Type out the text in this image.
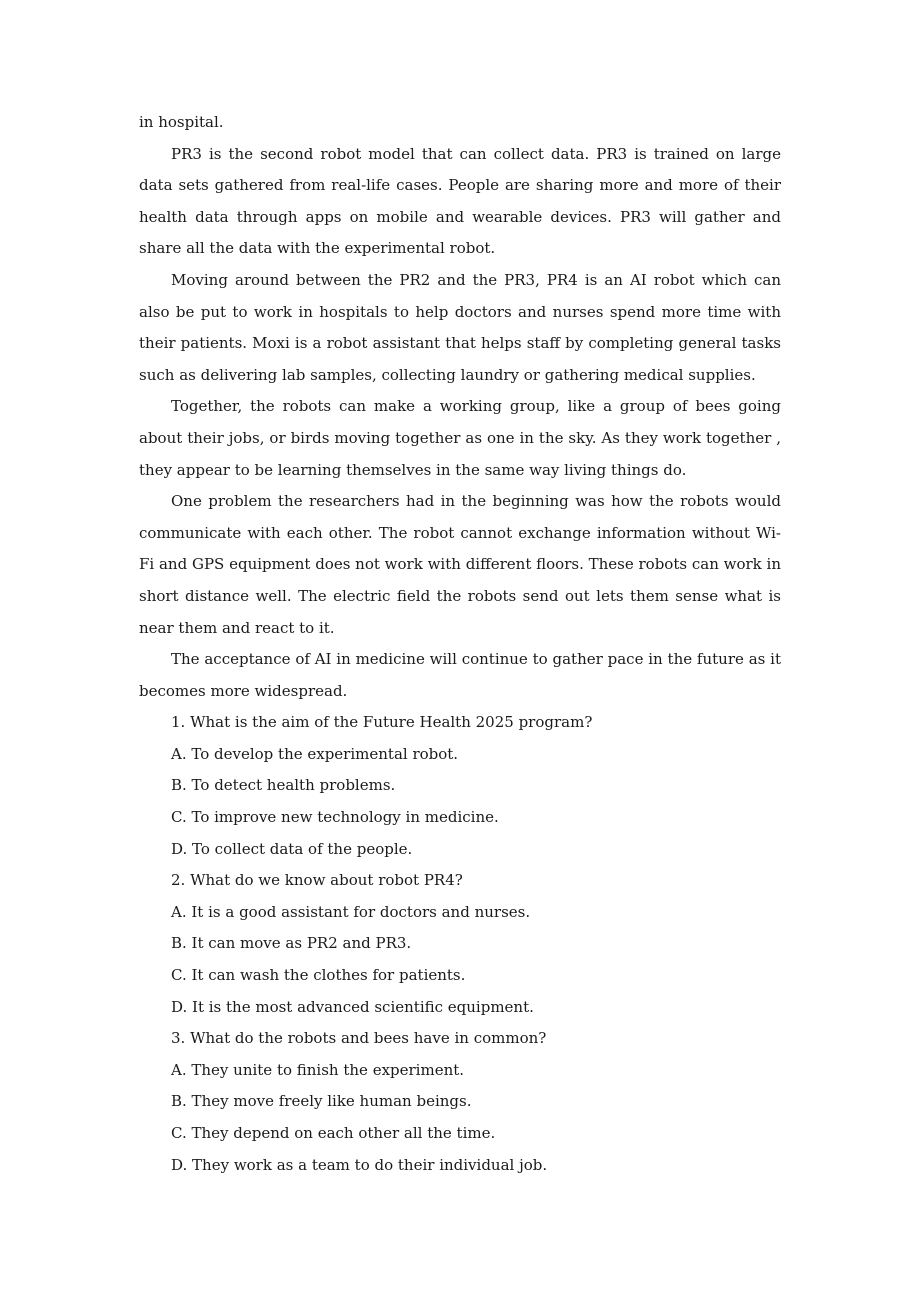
in hospital.

PR3 is the second robot model that can collect data. PR3 is trained on large data sets gathered from real-life cases. People are sharing more and more of their health data through apps on mobile and wearable devices. PR3 will gather and share all the data with the experimental robot.

Moving around between the PR2 and the PR3, PR4 is an AI robot which can also be put to work in hospitals to help doctors and nurses spend more time with their patients. Moxi is a robot assistant that helps staff by completing general tasks such as delivering lab samples, collecting laundry or gathering medical supplies.

Together, the robots can make a working group, like a group of bees going about their jobs, or birds moving together as one in the sky. As they work together , they appear to be learning themselves in the same way living things do.

One problem the researchers had in the beginning was how the robots would communicate with each other. The robot cannot exchange information without Wi-Fi and GPS equipment does not work with different floors. These robots can work in short distance well. The electric field the robots send out lets them sense what is near them and react to it.

The acceptance of AI in medicine will continue to gather pace in the future as it becomes more widespread.

1. What is the aim of the Future Health 2025 program?

A. To develop the experimental robot.

B. To detect health problems.

C. To improve new technology in medicine.

D. To collect data of the people.

2. What do we know about robot PR4?

A. It is a good assistant for doctors and nurses.

B. It can move as PR2 and PR3.

C. It can wash the clothes for patients.

D. It is the most advanced scientific equipment.

3. What do the robots and bees have in common?

A. They unite to finish the experiment.

B. They move freely like human beings.

C. They depend on each other all the time.

D. They work as a team to do their individual job.
